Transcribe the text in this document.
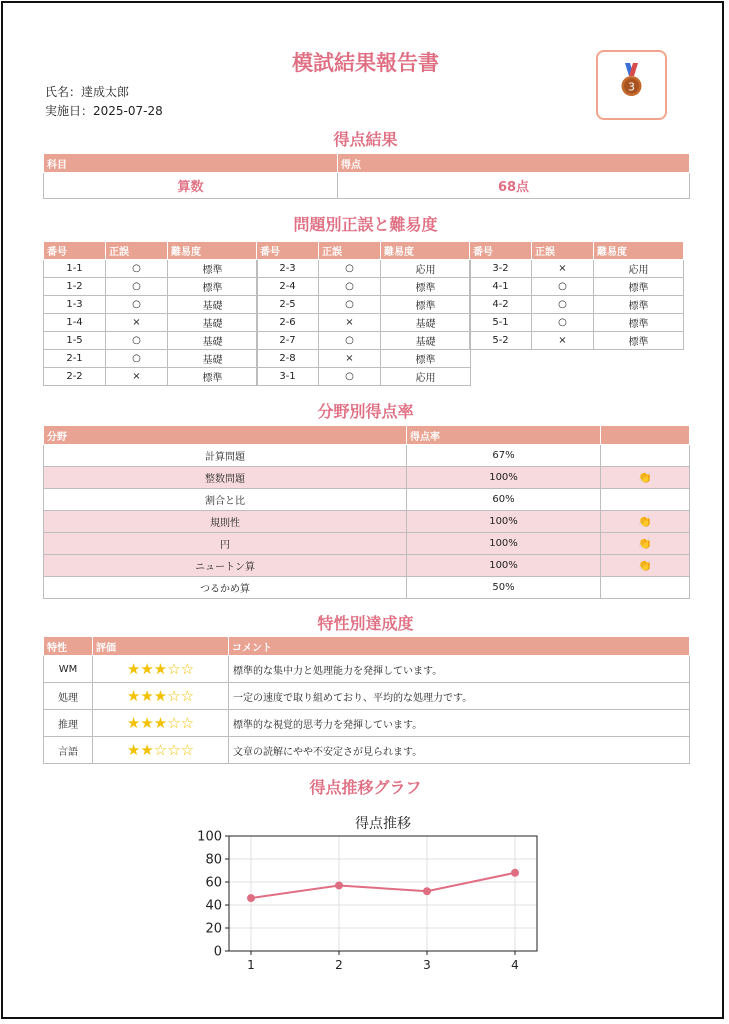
模試結果報告書
氏名：達成太郎
実施日：2025-07-28
3
得点結果
科目	得点
算数	68点
問題別正誤と難易度
番号	正誤	難易度
1-1	○	標準
1-2	○	標準
1-3	○	基礎
1-4	×	基礎
1-5	○	基礎
2-1	○	基礎
2-2	×	標準
番号	正誤	難易度
2-3	○	応用
2-4	○	標準
2-5	○	標準
2-6	×	基礎
2-7	○	基礎
2-8	×	標準
3-1	○	応用
番号	正誤	難易度
3-2	×	応用
4-1	○	標準
4-2	○	標準
5-1	○	標準
5-2	×	標準
分野別得点率
分野	得点率	
計算問題	67%	
整数問題	100%	👏
割合と比	60%	
規則性	100%	👏
円	100%	👏
ニュートン算	100%	👏
つるかめ算	50%	
特性別達成度
特性	評価	コメント
WM	★★★☆☆	標準的な集中力と処理能力を発揮しています。
処理	★★★☆☆	一定の速度で取り組めており、平均的な処理力です。
推理	★★★☆☆	標準的な視覚的思考力を発揮しています。
言語	★★☆☆☆	文章の読解にやや不安定さが見られます。
得点推移グラフ
得点推移
0
20
40
60
80
100
1	2	3	4
